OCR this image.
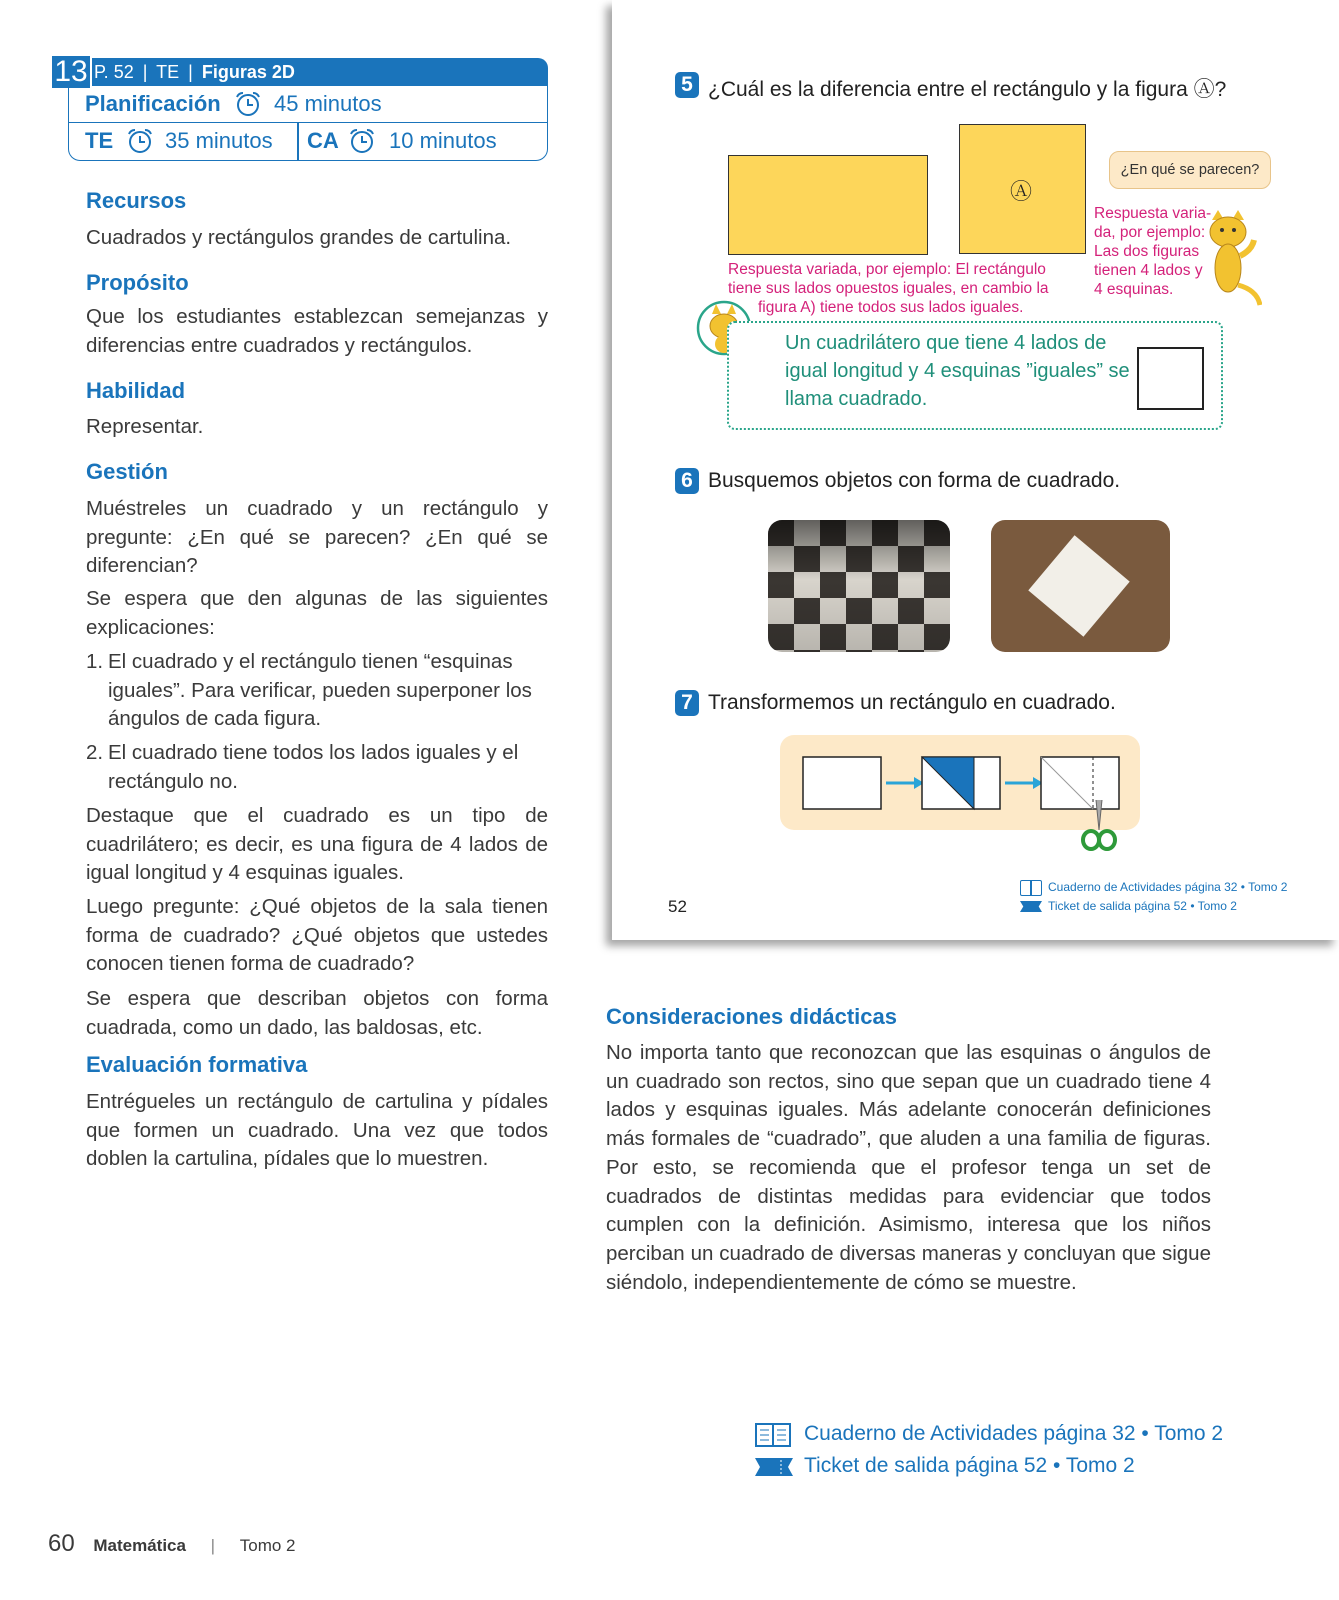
P. 52 | TE | Figuras 2D
13
Planificación 45 minutos
TE 35 minutos CA 10 minutos
Recursos
Cuadrados y rectángulos grandes de cartulina.
Propósito
Que los estudiantes establezcan semejanzas y diferencias entre cuadrados y rectángulos.
Habilidad
Representar.
Gestión
Muéstreles un cuadrado y un rectángulo y pregunte: ¿En qué se parecen? ¿En qué se diferencian?
Se espera que den algunas de las siguientes explicaciones:
1. El cuadrado y el rectángulo tienen “esquinas iguales”. Para verificar, pueden superponer los ángulos de cada figura.
2. El cuadrado tiene todos los lados iguales y el rectángulo no.
Destaque que el cuadrado es un tipo de cuadrilátero; es decir, es una figura de 4 lados de igual longitud y 4 esquinas iguales.
Luego pregunte: ¿Qué objetos de la sala tienen forma de cuadrado? ¿Qué objetos que ustedes conocen tienen forma de cuadrado?
Se espera que describan objetos con forma cuadrada, como un dado, las baldosas, etc.
Evaluación formativa
Entrégueles un rectángulo de cartulina y pídales que formen un cuadrado. Una vez que todos doblen la cartulina, pídales que lo muestren.
5 ¿Cuál es la diferencia entre el rectángulo y la figura Ⓐ?
Ⓐ
¿En qué se parecen?
Respuesta varia-
da, por ejemplo:
Las dos figuras
tienen 4 lados y
4 esquinas.
Respuesta variada, por ejemplo: El rectángulo
tiene sus lados opuestos iguales, en cambio la
figura A) tiene todos sus lados iguales.
6 Busquemos objetos con forma de cuadrado.
7 Transformemos un rectángulo en cuadrado.
52
Cuaderno de Actividades página 32 • Tomo 2
Ticket de salida página 52 • Tomo 2
Un cuadrilátero que tiene 4 lados de igual longitud y 4 esquinas ”iguales” se llama cuadrado.
Consideraciones didácticas
No importa tanto que reconozcan que las esquinas o ángulos de un cuadrado son rectos, sino que sepan que un cuadrado tiene 4 lados y esquinas iguales. Más adelante conocerán definiciones más formales de “cuadrado”, que aluden a una familia de figuras. Por esto, se recomienda que el profesor tenga un set de cuadrados de distintas medidas para evidenciar que todos cumplen con la definición. Asimismo, interesa que los niños perciban un cuadrado de diversas maneras y concluyan que sigue siéndolo, independientemente de cómo se muestre.
Cuaderno de Actividades página 32 • Tomo 2
Ticket de salida página 52 • Tomo 2
60 Matemática | Tomo 2
